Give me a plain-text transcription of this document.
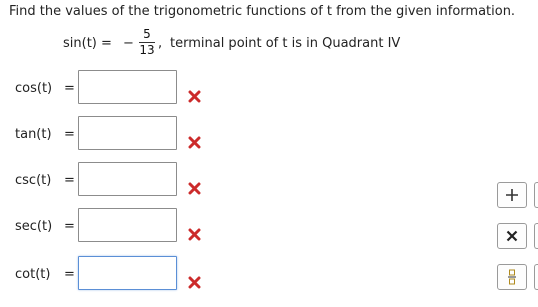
Find the values of the trigonometric functions of t from the given information.
sin(t) = −
5
13 , terminal point of t is in Quadrant IV
cos(t) =
tan(t) =
csc(t) =
sec(t) =
cot(t) =
